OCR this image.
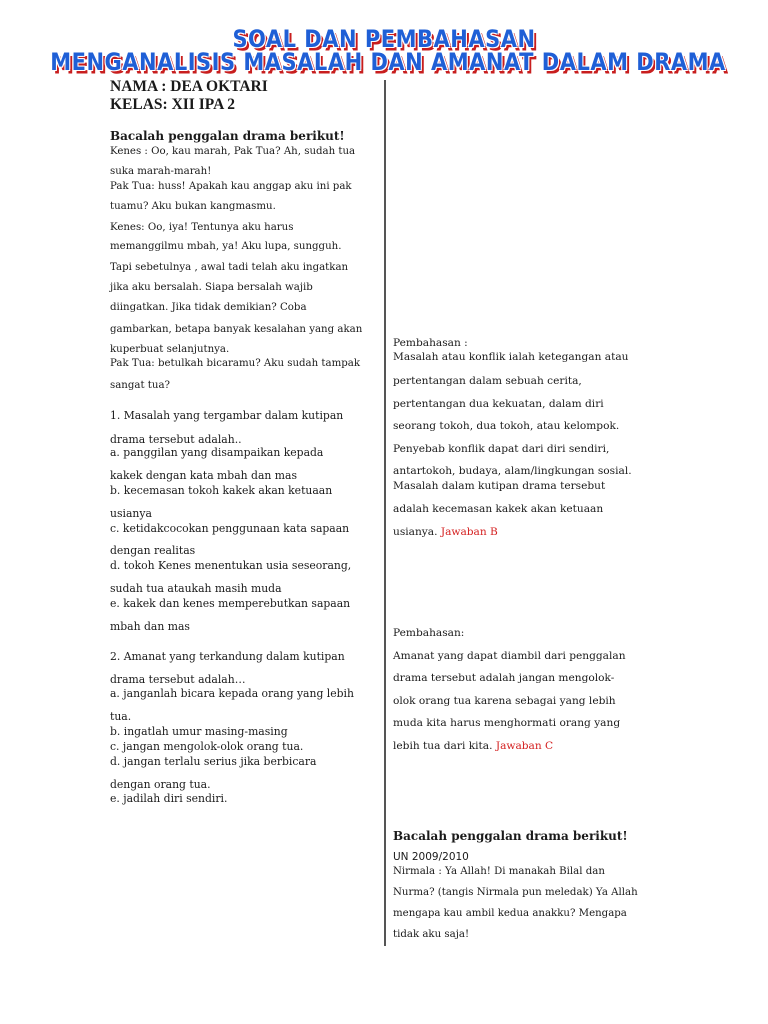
SOAL DAN PEMBAHASAN
MENGANALISIS MASALAH DAN AMANAT DALAM DRAMA
NAMA : DEA OKTARI
KELAS: XII IPA 2
Bacalah penggalan drama berikut!
Kenes : Oo, kau marah, Pak Tua? Ah, sudah tua
suka marah-marah!
Pak Tua: huss! Apakah kau anggap aku ini pak
tuamu? Aku bukan kangmasmu.
Kenes: Oo, iya! Tentunya aku harus
memanggilmu mbah, ya! Aku lupa, sungguh.
Tapi sebetulnya , awal tadi telah aku ingatkan
jika aku bersalah. Siapa bersalah wajib
diingatkan. Jika tidak demikian? Coba
gambarkan, betapa banyak kesalahan yang akan
kuperbuat selanjutnya.
Pak Tua: betulkah bicaramu? Aku sudah tampak
sangat tua?
1. Masalah yang tergambar dalam kutipan
drama tersebut adalah..
a. panggilan yang disampaikan kepada
kakek dengan kata mbah dan mas
b. kecemasan tokoh kakek akan ketuaan
usianya
c. ketidakcocokan penggunaan kata sapaan
dengan realitas
d. tokoh Kenes menentukan usia seseorang,
sudah tua ataukah masih muda
e. kakek dan kenes memperebutkan sapaan
mbah dan mas
2. Amanat yang terkandung dalam kutipan
drama tersebut adalah…
a. janganlah bicara kepada orang yang lebih
tua.
b. ingatlah umur masing-masing
c. jangan mengolok-olok orang tua.
d. jangan terlalu serius jika berbicara
dengan orang tua.
e. jadilah diri sendiri.
Pembahasan :
Masalah atau konflik ialah ketegangan atau
pertentangan dalam sebuah cerita,
pertentangan dua kekuatan, dalam diri
seorang tokoh, dua tokoh, atau kelompok.
Penyebab konflik dapat dari diri sendiri,
antartokoh, budaya, alam/lingkungan sosial.
Masalah dalam kutipan drama tersebut
adalah kecemasan kakek akan ketuaan
Pembahasan:
Amanat yang dapat diambil dari penggalan
drama tersebut adalah jangan mengolok-
olok orang tua karena sebagai yang lebih
muda kita harus menghormati orang yang
Nirmala : Ya Allah! Di manakah Bilal dan
Nurma? (tangis Nirmala pun meledak) Ya Allah
mengapa kau ambil kedua anakku? Mengapa
tidak aku saja!
usianya. Jawaban B
lebih tua dari kita. Jawaban C
Bacalah penggalan drama berikut!
UN 2009/2010
